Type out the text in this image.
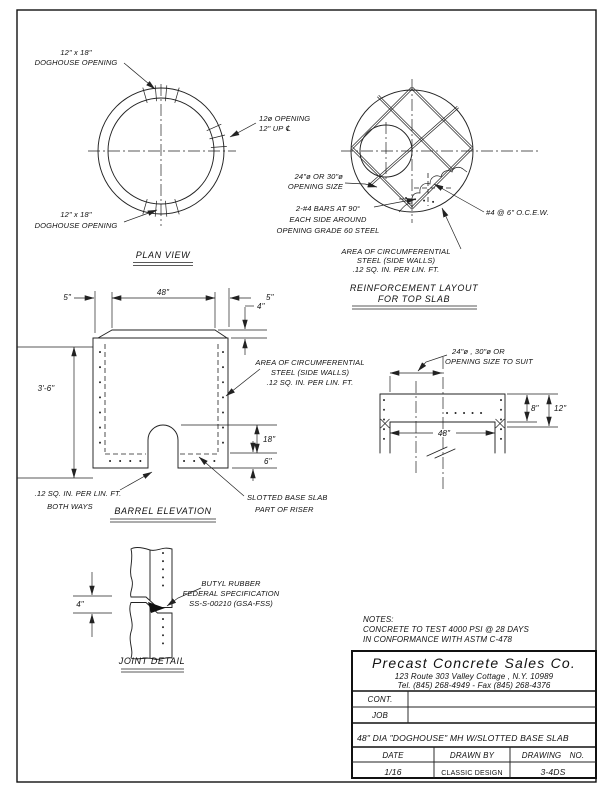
12" x 18"
DOGHOUSE OPENING
12ø OPENING
12" UP ℄
12" x 18"
DOGHOUSE OPENING
PLAN VIEW
24"ø OR 30"ø
OPENING SIZE
2-#4 BARS AT 90°
EACH SIDE AROUND
OPENING GRADE 60 STEEL
#4 @ 6" O.C.E.W.
AREA OF CIRCUMFERENTIAL
STEEL (SIDE WALLS)
.12 SQ. IN. PER LIN. FT.
REINFORCEMENT LAYOUT
FOR TOP SLAB
48"
5"	5"
4"
3'-6"
18"
6"
AREA OF CIRCUMFERENTIAL
STEEL (SIDE WALLS)
.12 SQ. IN. PER LIN. FT.
.12 SQ. IN. PER LIN. FT.
BOTH WAYS
SLOTTED BASE SLAB
PART OF RISER
BARREL ELEVATION
24"ø , 30"ø OR
OPENING SIZE TO SUIT
8" 12"
48"
4"
BUTYL RUBBER
FEDERAL SPECIFICATION
SS-S-00210 (GSA-FSS)
JOINT DETAIL
NOTES:
CONCRETE TO TEST 4000 PSI @ 28 DAYS
IN CONFORMANCE WITH ASTM C-478
Precast Concrete Sales Co.
123 Route 303 Valley Cottage , N.Y. 10989
Tel. (845) 268-4949 - Fax (845) 268-4376
CONT.
JOB
48" DIA "DOGHOUSE" MH W/SLOTTED BASE SLAB
DATE	DRAWN BY	DRAWING NO.
1/16	CLASSIC DESIGN	3-4DS
